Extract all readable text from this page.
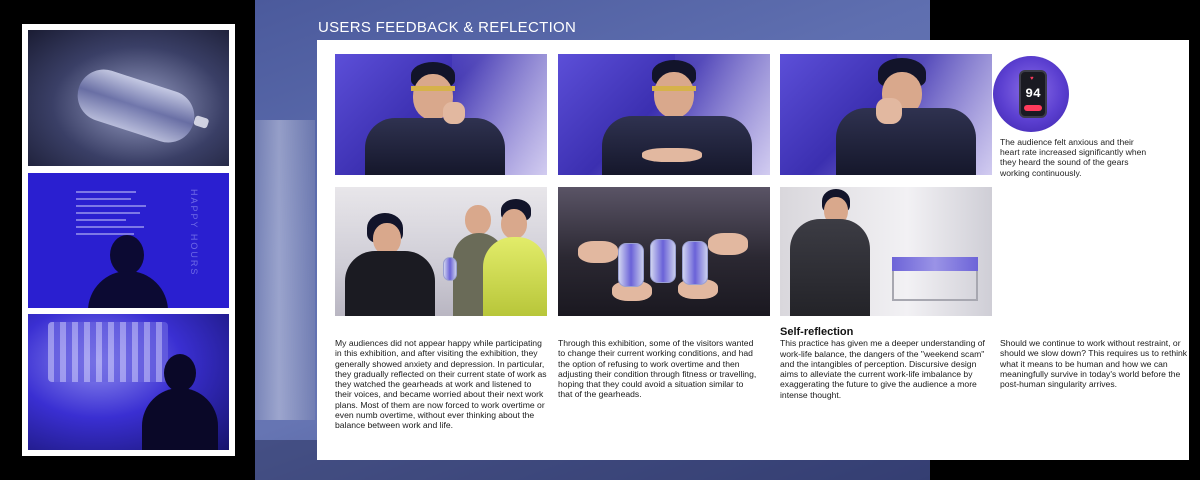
HAPPY HOURS
USERS FEEDBACK & REFLECTION
♥
94
The audience felt anxious and their heart rate increased significantly when they heard the sound of the gears working continuously.
My audiences did not appear happy while participating in this exhibition, and after visiting the exhibition, they generally showed anxiety and depression. In particular, they gradually reflected on their current state of work as they watched the gearheads at work and listened to their voices, and became worried about their next work plans. Most of them are now forced to work overtime or even numb overtime, without ever thinking about the balance between work and life.
Through this exhibition, some of the visitors wanted to change their current working conditions, and had the option of refusing to work overtime and then adjusting their condition through fitness or travelling, hoping that they could avoid a situation similar to that of the gearheads.
Self-reflection
This practice has given me a deeper understanding of work-life balance, the dangers of the "weekend scam" and the intangibles of perception. Discursive design aims to alleviate the current work-life imbalance by exaggerating the future to give the audience a more intense thought.
Should we continue to work without restraint, or should we slow down? This requires us to rethink what it means to be human and how we can meaningfully survive in today's world before the post-human singularity arrives.
